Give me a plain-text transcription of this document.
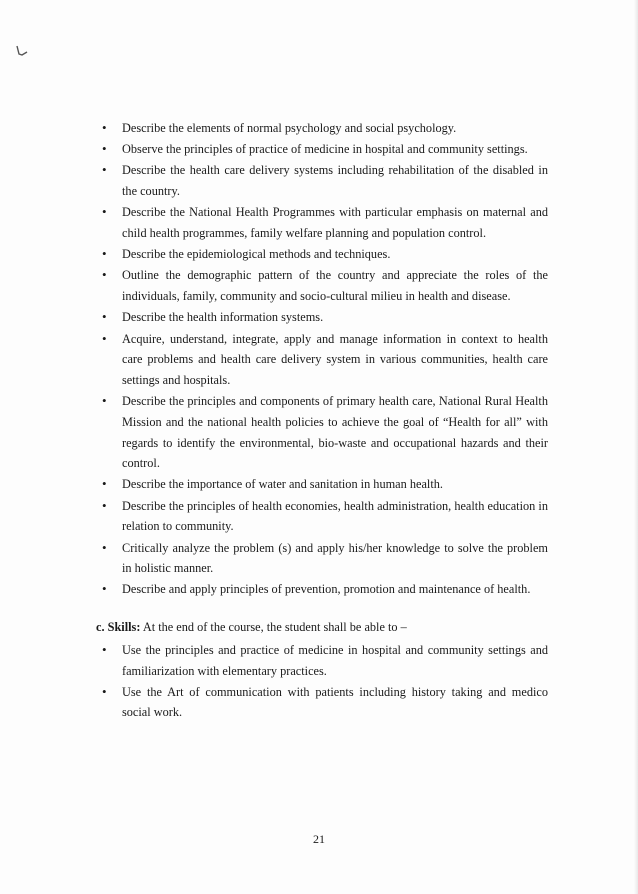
• Describe the elements of normal psychology and social psychology.
• Observe the principles of practice of medicine in hospital and community settings.
• Describe the health care delivery systems including rehabilitation of the disabled in the country.
• Describe the National Health Programmes with particular emphasis on maternal and child health programmes, family welfare planning and population control.
• Describe the epidemiological methods and techniques.
• Outline the demographic pattern of the country and appreciate the roles of the individuals, family, community and socio-cultural milieu in health and disease.
• Describe the health information systems.
• Acquire, understand, integrate, apply and manage information in context to health care problems and health care delivery system in various communities, health care settings and hospitals.
• Describe the principles and components of primary health care, National Rural Health Mission and the national health policies to achieve the goal of “Health for all” with regards to identify the environmental, bio-waste and occupational hazards and their control.
• Describe the importance of water and sanitation in human health.
• Describe the principles of health economies, health administration, health education in relation to community.
• Critically analyze the problem (s) and apply his/her knowledge to solve the problem in holistic manner.
• Describe and apply principles of prevention, promotion and maintenance of health.
c. Skills: At the end of the course, the student shall be able to –
• Use the principles and practice of medicine in hospital and community settings and familiarization with elementary practices.
• Use the Art of communication with patients including history taking and medico social work.
21
